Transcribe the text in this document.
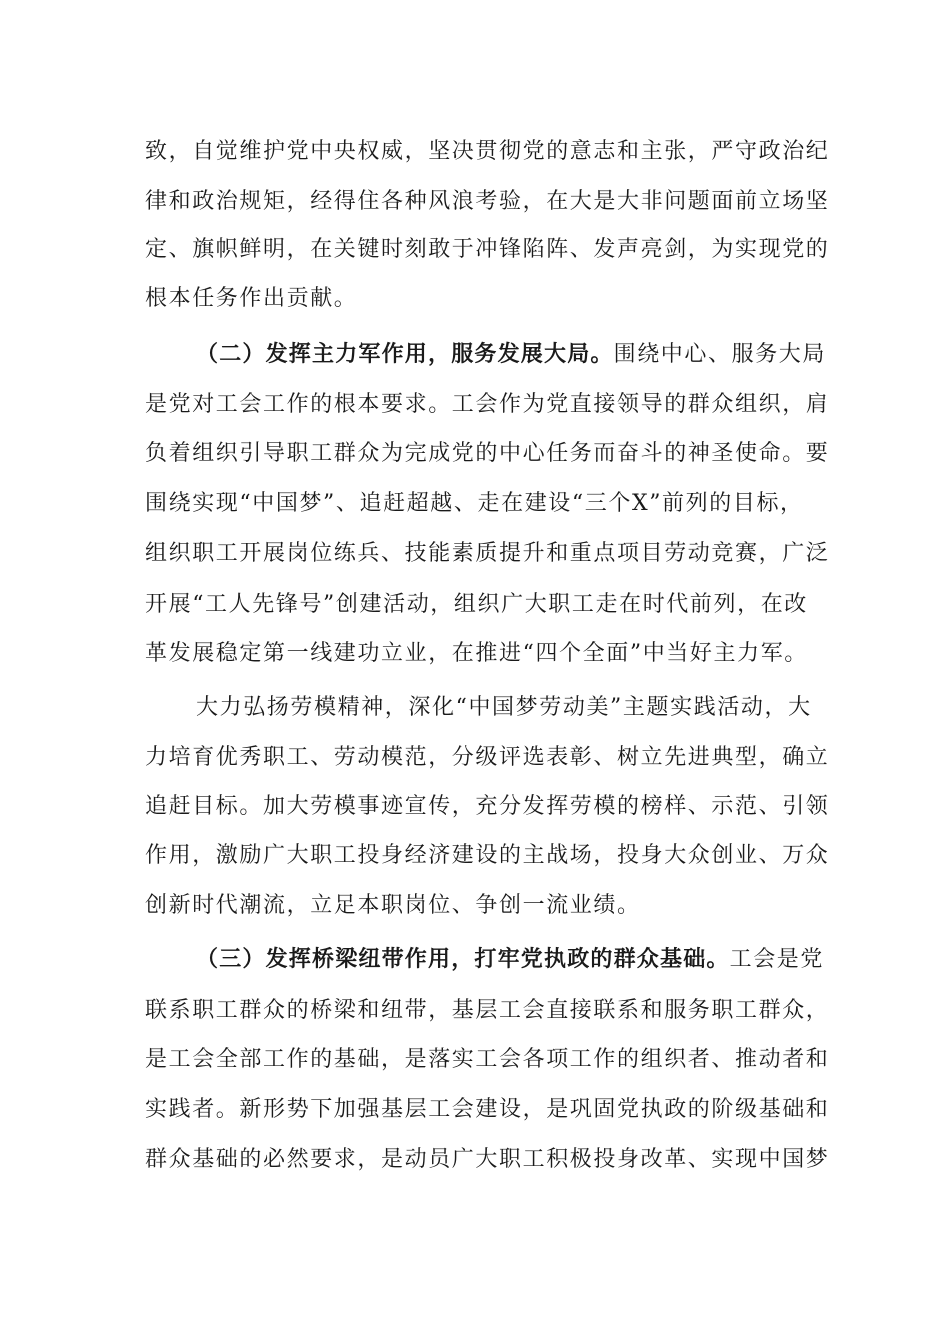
致，自觉维护党中央权威，坚决贯彻党的意志和主张，严守政治纪
律和政治规矩，经得住各种风浪考验，在大是大非问题面前立场坚
定、旗帜鲜明，在关键时刻敢于冲锋陷阵、发声亮剑，为实现党的
根本任务作出贡献。
（二）发挥主力军作用，服务发展大局。围绕中心、服务大局
是党对工会工作的根本要求。工会作为党直接领导的群众组织，肩
负着组织引导职工群众为完成党的中心任务而奋斗的神圣使命。要
围绕实现“中国梦”、追赶超越、走在建设“三个X”前列的目标，
组织职工开展岗位练兵、技能素质提升和重点项目劳动竞赛，广泛
开展“工人先锋号”创建活动，组织广大职工走在时代前列，在改
革发展稳定第一线建功立业，在推进“四个全面”中当好主力军。
大力弘扬劳模精神，深化“中国梦劳动美”主题实践活动，大
力培育优秀职工、劳动模范，分级评选表彰、树立先进典型，确立
追赶目标。加大劳模事迹宣传，充分发挥劳模的榜样、示范、引领
作用，激励广大职工投身经济建设的主战场，投身大众创业、万众
创新时代潮流，立足本职岗位、争创一流业绩。
（三）发挥桥梁纽带作用，打牢党执政的群众基础。工会是党
联系职工群众的桥梁和纽带，基层工会直接联系和服务职工群众，
是工会全部工作的基础，是落实工会各项工作的组织者、推动者和
实践者。新形势下加强基层工会建设，是巩固党执政的阶级基础和
群众基础的必然要求，是动员广大职工积极投身改革、实现中国梦
